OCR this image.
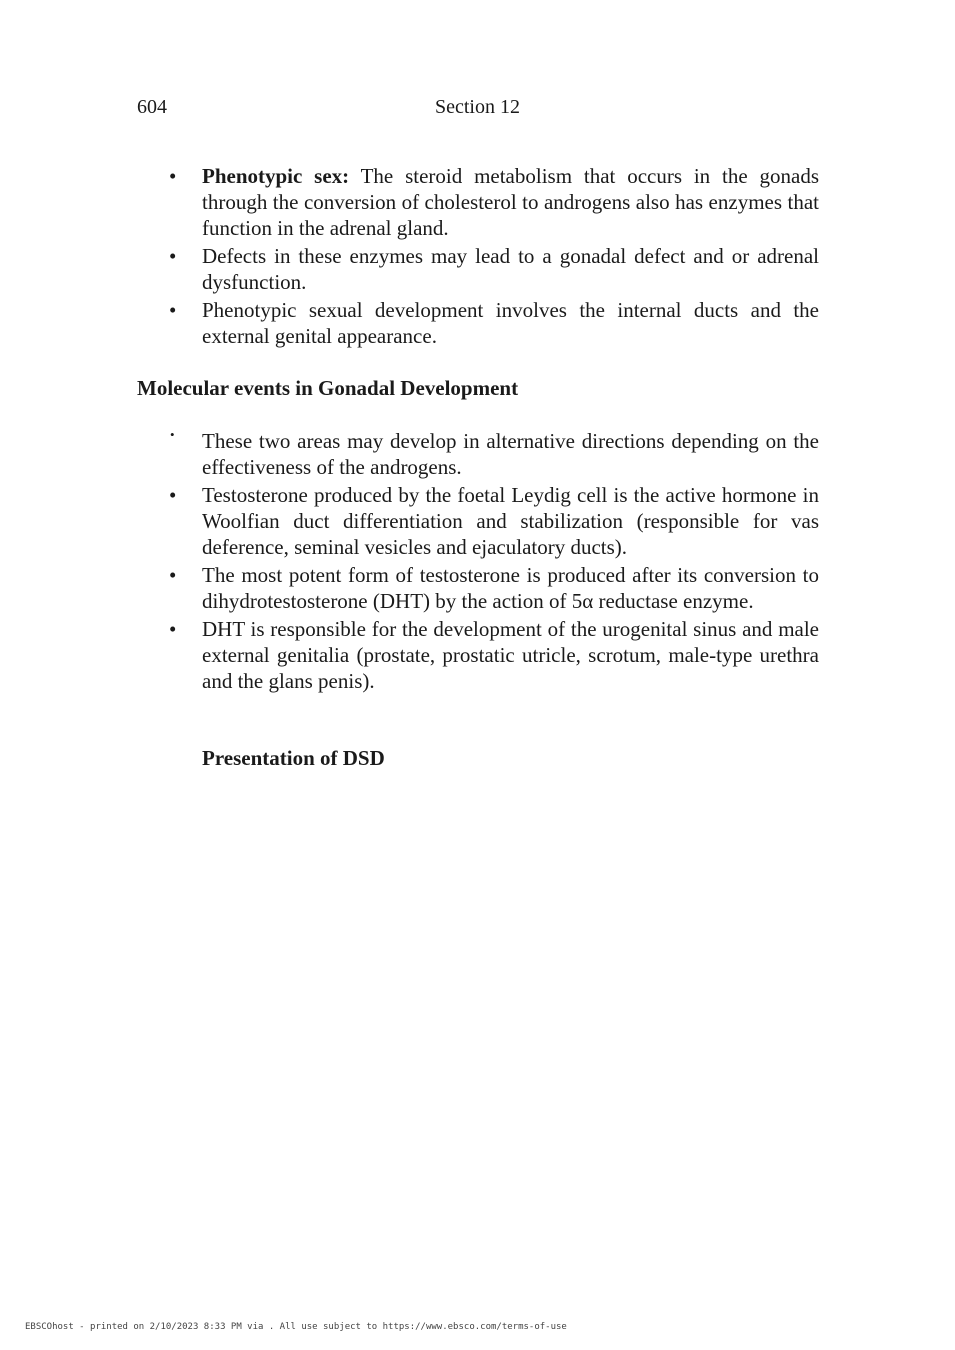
604	Section 12
• Phenotypic sex: The steroid metabolism that occurs in the gonads through the conversion of cholesterol to androgens also has enzymes that function in the adrenal gland.
• Defects in these enzymes may lead to a gonadal defect and or adrenal dysfunction.
• Phenotypic sexual development involves the internal ducts and the external genital appearance.
Molecular events in Gonadal Development
• These two areas may develop in alternative directions depending on the effectiveness of the androgens.
• Testosterone produced by the foetal Leydig cell is the active hormone in Woolfian duct differentiation and stabilization (responsible for vas deference, seminal vesicles and ejaculatory ducts).
• The most potent form of testosterone is produced after its conversion to dihydrotestosterone (DHT) by the action of 5α reductase enzyme.
• DHT is responsible for the development of the urogenital sinus and male external genitalia (prostate, prostatic utricle, scrotum, male-type urethra and the glans penis).
Presentation of DSD
EBSCOhost - printed on 2/10/2023 8:33 PM via . All use subject to https://www.ebsco.com/terms-of-use
